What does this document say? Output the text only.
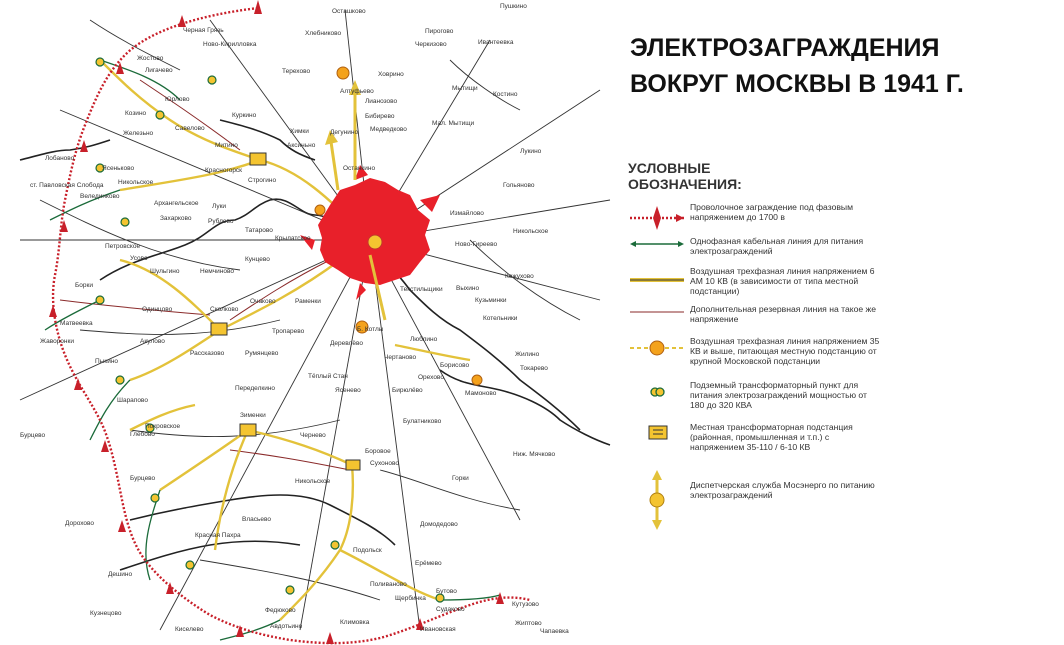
Осташково
Пирогово
Пушкино
Черная Грязь	Хлебниково
Черкизово	Ивантеевка
Ново-Кирилловка
Жостово
Лигачево	Терехово	Ховрино
Мытищи
Юрлово
Костино
Алтуфьево
Лианозово
Бибирево
Мал. Мытищи
Козино
Савелово
Куркино
Химки	Медведково
Дегунино
Железьно
Митино	Аксиньно
Останкино
Лукино
Лобаново
Ясеньково	Красногорск
Строгино
Гольяново
ст. Павловская Слобода Никольское
Велединково
Архангельское Луки
Измайлово
Захарково	Рублево
Татарово
Петровское
Крылатское
Ново-Гиреево
Никольское
Усово	Кунцево
Шульгино	Немчиново
Кожухово
Текстильщики Выхино
Кузьминки
Борки
Одинцово	Сколково
Очаково	Раменки
Котельники
Матвеевка
Жаворонки
Тропарево
Деревлёво
Б. Котлы
Люблино
Акулово
Рассказово	Румянцево	Жилино
Пыкино
Чертаново
Борисово
Тёплый Стан
Ясенево	Бирюлёво
Орехово
Токарево
Переделкино
Мамоново
Шарапово
Зименки
Булатниково
Бурцево
Покровское
Глебово	Чернево
Боровое
Сухоново
Ниж. Мячково
Бурцево	Никольское	Горки
Власьево
Дорохово	Домодедово
Красная Пахра
Подольск
Ерёмево
Дешино
Поливаново
Бутово
Судаково
Кутузово
Киселево
Климовка
Ивановская
Жиптово
Щербинка
Федюково
Авдотьино
Кузнецово
Чапаевка
ЭЛЕКТРОЗАГРАЖДЕНИЯ
ВОКРУГ МОСКВЫ В 1941 Г.
УСЛОВНЫЕ
ОБОЗНАЧЕНИЯ:
Проволочное заграждение под фазовым напряжением до 1700 в
Однофазная кабельная линия для питания электрозаграждений
Воздушная трехфазная линия напряжением 6 АМ 10 КВ (в зависимости от типа местной подстанции)
Дополнительная резервная линия на такое же напряжение
Воздушная трехфазная линия напряжением 35 КВ и выше, питающая местную подстанцию от крупной Московской подстанции
Подземный трансформаторный пункт для питания электрозаграждений мощностью от 180 до 320 КВА
Местная трансформаторная подстанция (районная, промышленная и т.п.) с напряжением 35-110 / 6-10 КВ
Диспетчерская служба Мосэнерго по питанию электрозаграждений
